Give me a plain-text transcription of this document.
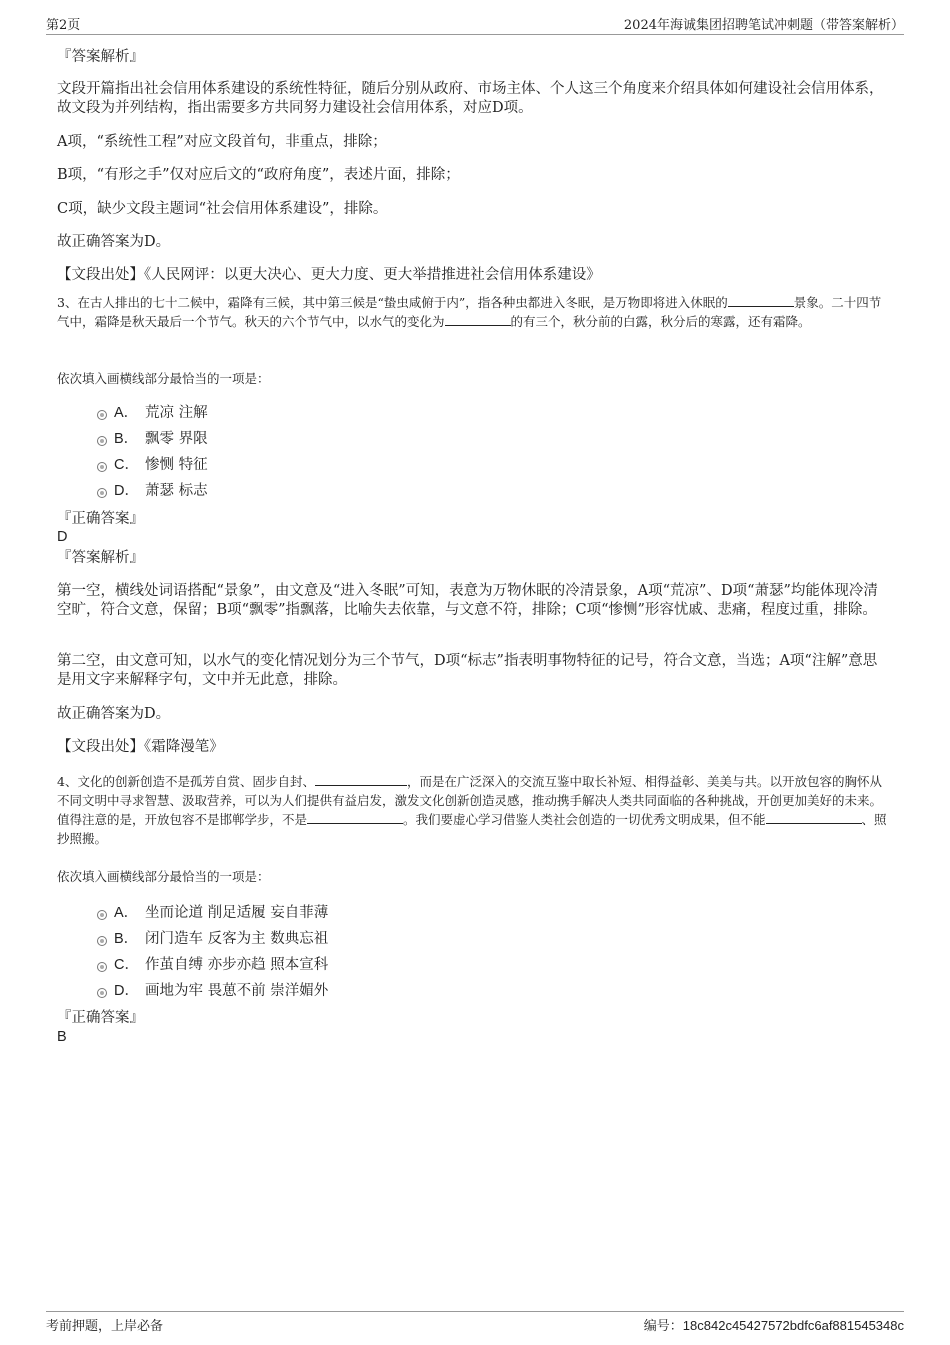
第2页	2024年海诚集团招聘笔试冲刺题（带答案解析）
『答案解析』
文段开篇指出社会信用体系建设的系统性特征，随后分别从政府、市场主体、个人这三个角度来介绍具体如何建设社会信用体系，故文段为并列结构，指出需要多方共同努力建设社会信用体系，对应D项。
A项，“系统性工程”对应文段首句，非重点，排除；
B项，“有形之手”仅对应后文的“政府角度”，表述片面，排除；
C项，缺少文段主题词“社会信用体系建设”，排除。
故正确答案为D。
【文段出处】《人民网评：以更大决心、更大力度、更大举措推进社会信用体系建设》
3、在古人排出的七十二候中，霜降有三候，其中第三候是“蛰虫咸俯于内”，指各种虫都进入冬眠，是万物即将进入休眠的	景象。二十四节气中，霜降是秋天最后一个节气。秋天的六个节气中，以水气的变化为	的有三个，秋分前的白露，秋分后的寒露，还有霜降。
依次填入画横线部分最恰当的一项是：
A． 荒凉 注解
B． 飘零 界限
C． 惨恻 特征
D． 萧瑟 标志
『正确答案』
D
『答案解析』
第一空，横线处词语搭配“景象”，由文意及“进入冬眠”可知，表意为万物休眠的冷清景象，A项“荒凉”、D项“萧瑟”均能体现冷清空旷，符合文意，保留；B项“飘零”指飘落，比喻失去依靠，与文意不符，排除；C项“惨恻”形容忧戚、悲痛，程度过重，排除。
第二空，由文意可知，以水气的变化情况划分为三个节气，D项“标志”指表明事物特征的记号，符合文意，当选；A项“注解”意思是用文字来解释字句，文中并无此意，排除。
故正确答案为D。
【文段出处】《霜降漫笔》
4、文化的创新创造不是孤芳自赏、固步自封、	，而是在广泛深入的交流互鉴中取长补短、相得益彰、美美与共。以开放包容的胸怀从不同文明中寻求智慧、汲取营养，可以为人们提供有益启发，激发文化创新创造灵感，推动携手解决人类共同面临的各种挑战，开创更加美好的未来。值得注意的是，开放包容不是邯郸学步，不是	。我们要虚心学习借鉴人类社会创造的一切优秀文明成果，但不能	、照抄照搬。
依次填入画横线部分最恰当的一项是：
A． 坐而论道 削足适履 妄自菲薄
B． 闭门造车 反客为主 数典忘祖
C． 作茧自缚 亦步亦趋 照本宣科
D． 画地为牢 畏葸不前 崇洋媚外
『正确答案』
B
考前押题，上岸必备	编号：18c842c45427572bdfc6af881545348c
